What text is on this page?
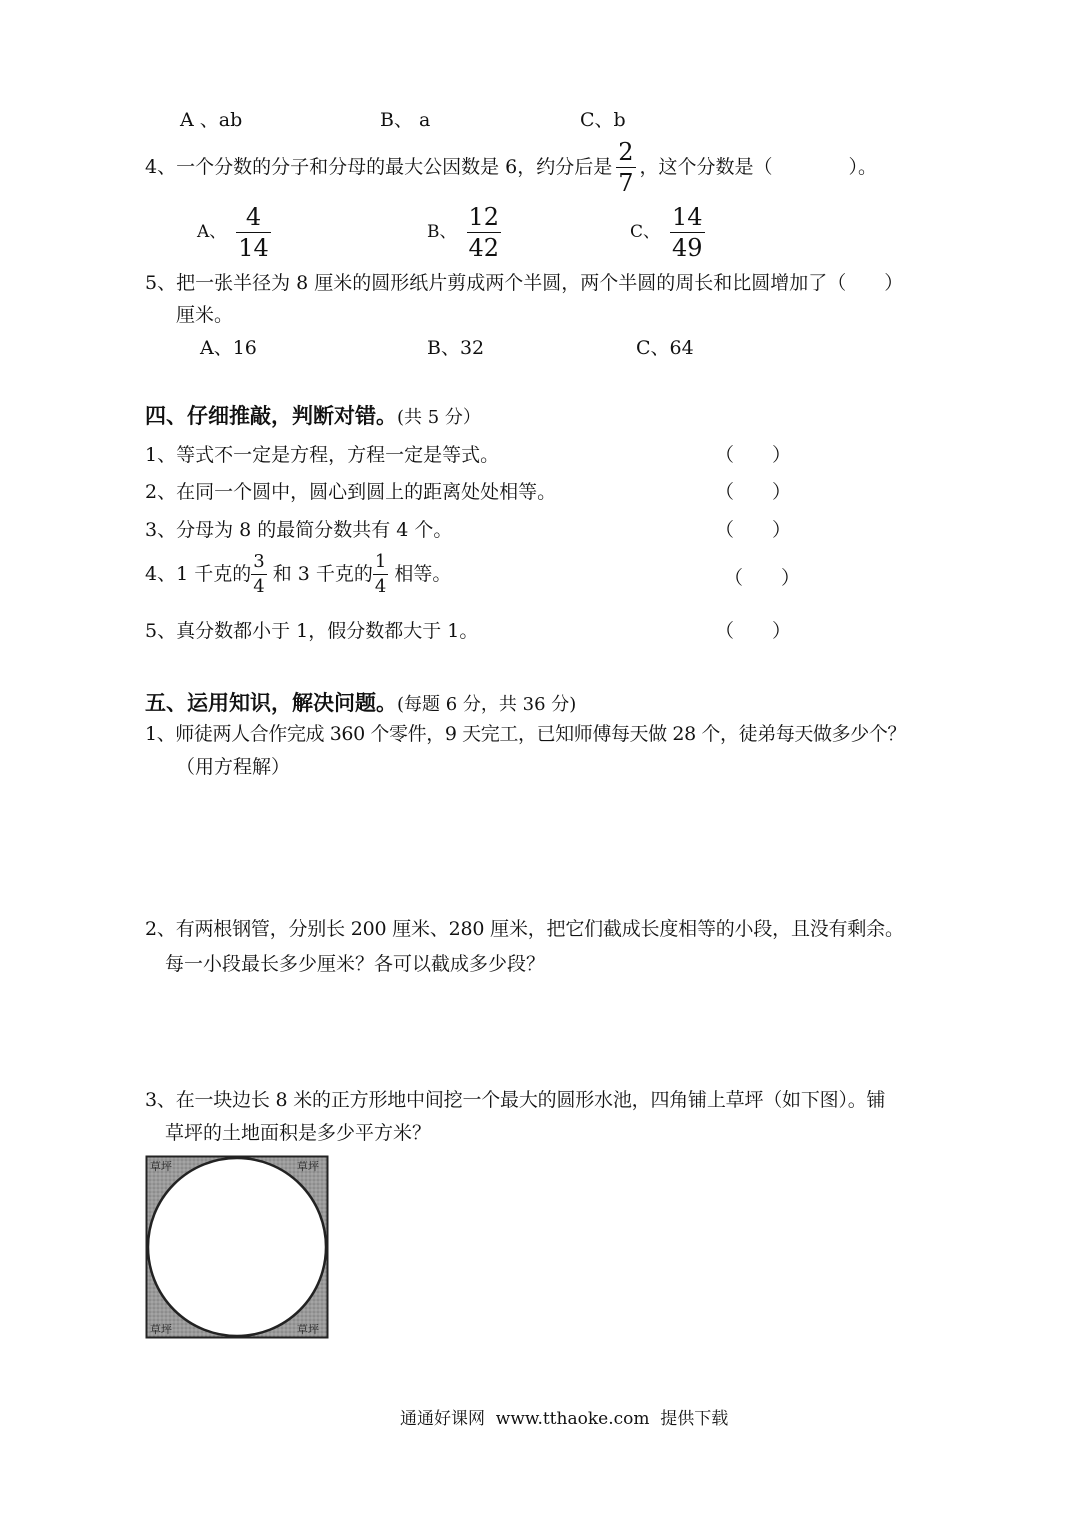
A 、ab	B、 a	C、b
4、一个分数的分子和分母的最大公因数是 6，约分后是 $\frac{2}{7}$ ，这个分数是（　　　　）。
A、 $\frac{4}{14}$	B、 $\frac{12}{42}$	C、 $\frac{14}{49}$
5、把一张半径为 8 厘米的圆形纸片剪成两个半圆，两个半圆的周长和比圆增加了（　　）
厘米。
A、16	B、32	C、64
四、仔细推敲，判断对错。(共 5 分）
1、等式不一定是方程，方程一定是等式。	（　　）
2、在同一个圆中，圆心到圆上的距离处处相等。	（　　）
3、分母为 8 的最简分数共有 4 个。	（　　）
4、1 千克的 $\frac{3}{4}$ 和 3 千克的 $\frac{1}{4}$ 相等。	（　　）
5、真分数都小于 1，假分数都大于 1。	（　　）
五、运用知识，解决问题。(每题 6 分，共 36 分)
1、师徒两人合作完成 360 个零件，9 天完工，已知师傅每天做 28 个，徒弟每天做多少个？
（用方程解）
2、有两根钢管，分别长 200 厘米、280 厘米，把它们截成长度相等的小段，且没有剩余。
每一小段最长多少厘米？各可以截成多少段？
3、在一块边长 8 米的正方形地中间挖一个最大的圆形水池，四角铺上草坪（如下图）。铺
草坪的土地面积是多少平方米？
草坪	草坪
草坪	草坪
通通好课网  www.tthaoke.com  提供下载
